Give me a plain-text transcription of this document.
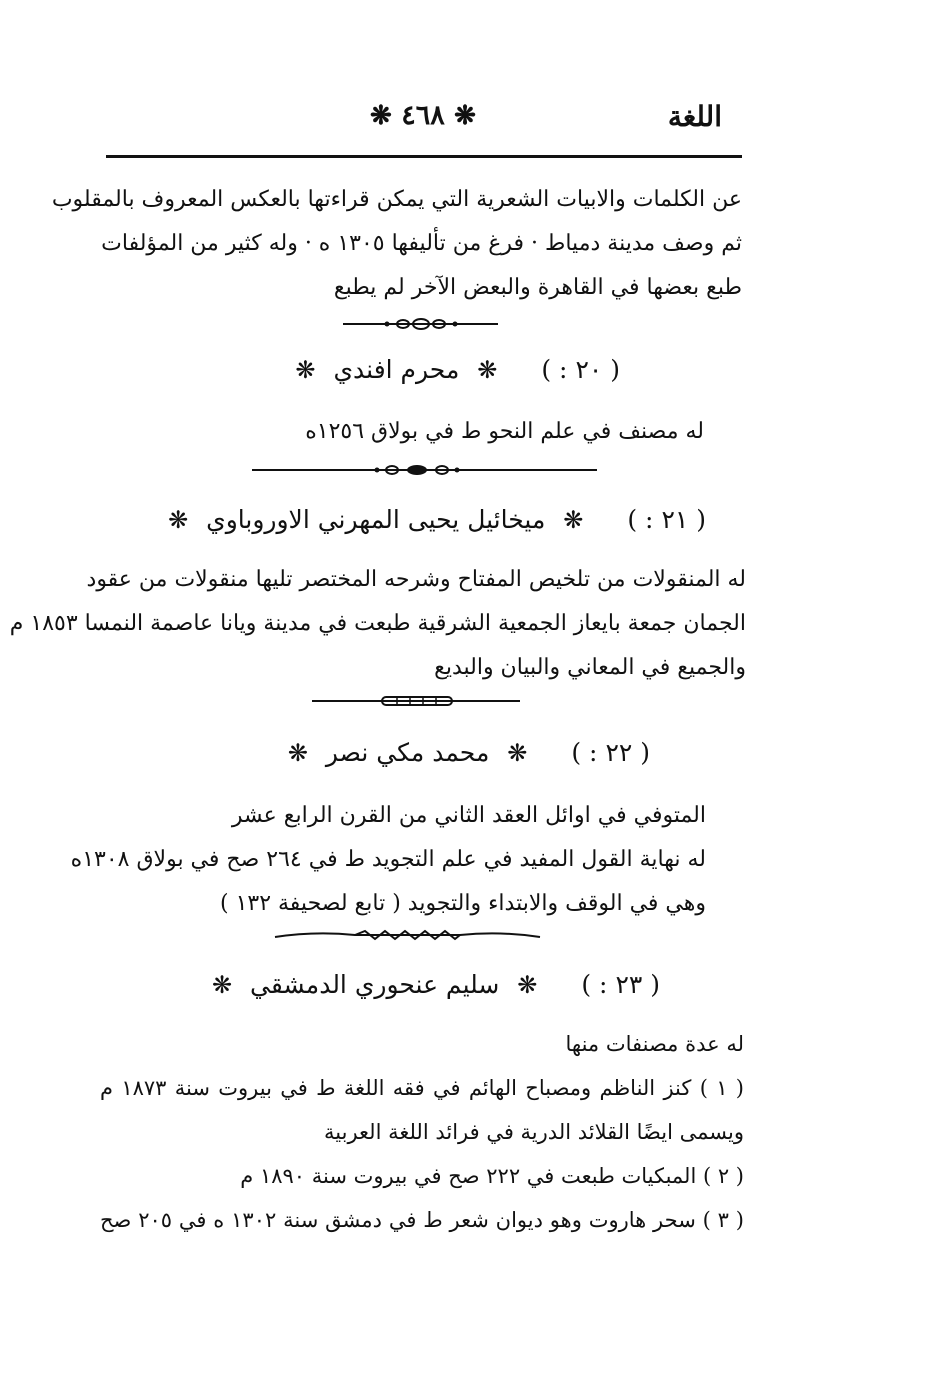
اللغة
❋ ٤٦٨ ❋
عن الكلمات والابيات الشعرية التي يمكن قراءتها بالعكس المعروف بالمقلوب
ثم وصف مدينة دمياط · فرغ من تأليفها ١٣٠٥ ه · وله كثير من المؤلفات
طبع بعضها في القاهرة والبعض الآخر لم يطبع
( ٢٠ : ) ❋ محرم افندي ❋
له مصنف في علم النحو ط في بولاق ١٢٥٦ه
( ٢١ : ) ❋ ميخائيل يحيى المهرني الاوروباوي ❋
له المنقولات من تلخيص المفتاح وشرحه المختصر تليها منقولات من عقود
الجمان جمعة بايعاز الجمعية الشرقية طبعت في مدينة ويانا عاصمة النمسا ١٨٥٣ م
والجميع في المعاني والبيان والبديع
( ٢٢ : ) ❋ محمد مكي نصر ❋
المتوفي في اوائل العقد الثاني من القرن الرابع عشر
له نهاية القول المفيد في علم التجويد ط في ٢٦٤ صح في بولاق ١٣٠٨ه
وهي في الوقف والابتداء والتجويد ( تابع لصحيفة ١٣٢ )
( ٢٣ : ) ❋ سليم عنحوري الدمشقي ❋
له عدة مصنفات منها
( ١ ) كنز الناظم ومصباح الهائم في فقه اللغة ط في بيروت سنة ١٨٧٣ م
ويسمى ايضًا القلائد الدرية في فرائد اللغة العربية
( ٢ ) المبكيات طبعت في ٢٢٢ صح في بيروت سنة ١٨٩٠ م
( ٣ ) سحر هاروت وهو ديوان شعر ط في دمشق سنة ١٣٠٢ ه في ٢٠٥ صح
